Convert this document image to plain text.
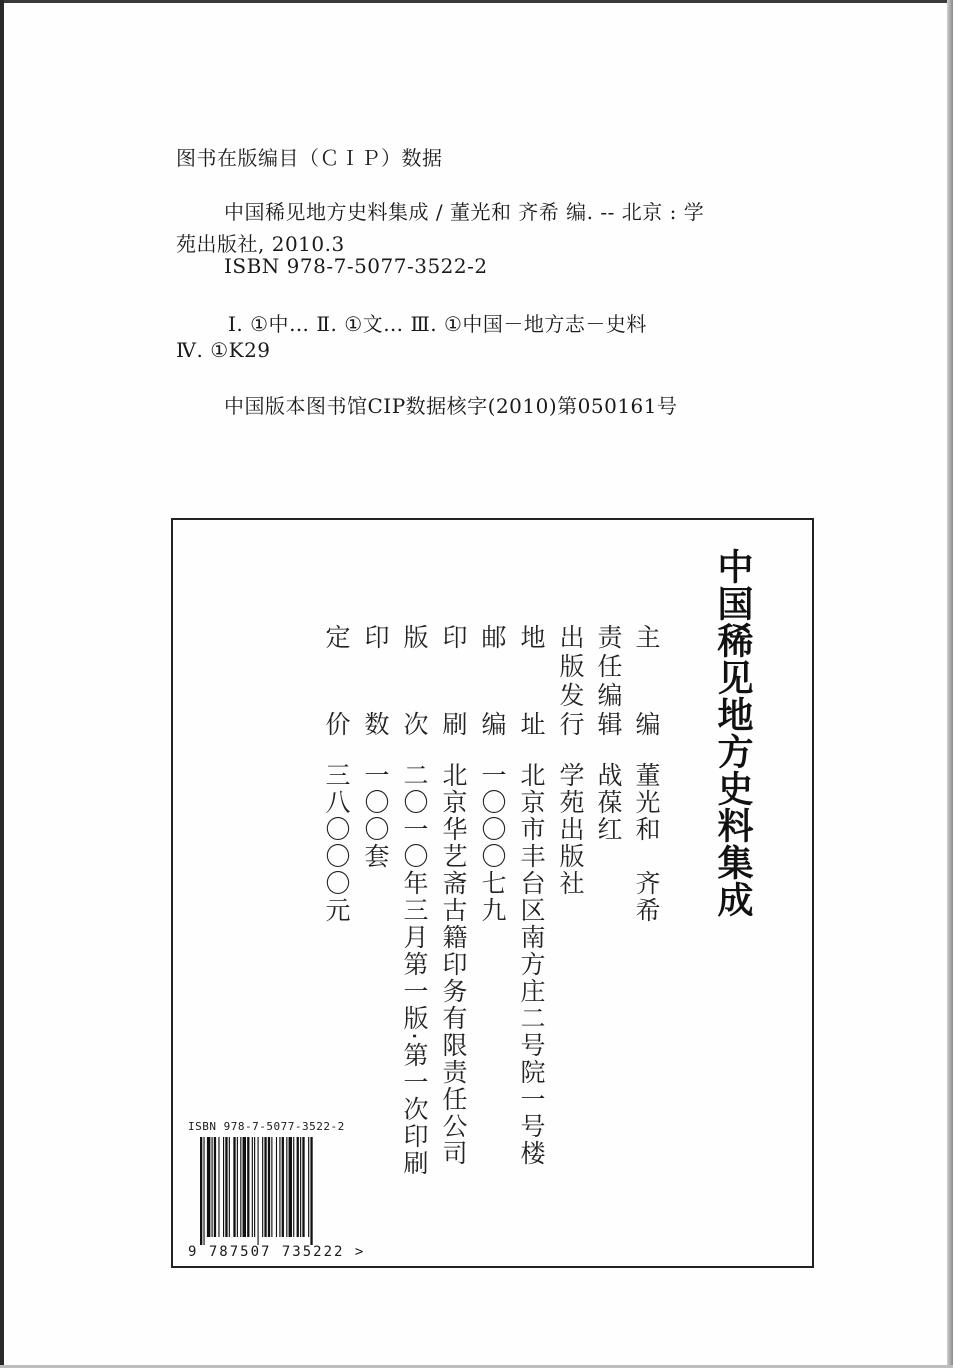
图书在版编目（ＣＩＰ）数据
中国稀见地方史料集成 / 董光和 齐希 编. -- 北京 : 学
苑出版社, 2010.3
ISBN 978-7-5077-3522-2
Ⅰ. ①中… Ⅱ. ①文… Ⅲ. ①中国－地方志－史料
Ⅳ. ①K29
中国版本图书馆CIP数据核字(2010)第050161号
中国稀见地方史料集成
主编
董光和　齐希
责任编辑
战葆红
出版发行
学苑出版社
地址
北京市丰台区南方庄二号院一号楼
邮编
一〇〇〇七九
印刷
北京华艺斋古籍印务有限责任公司
版次
二〇一〇年三月第一版·第一次印刷
印数
一〇〇套
定价
三八〇〇〇元
ISBN 978-7-5077-3522-2
9 787507 735222 >
